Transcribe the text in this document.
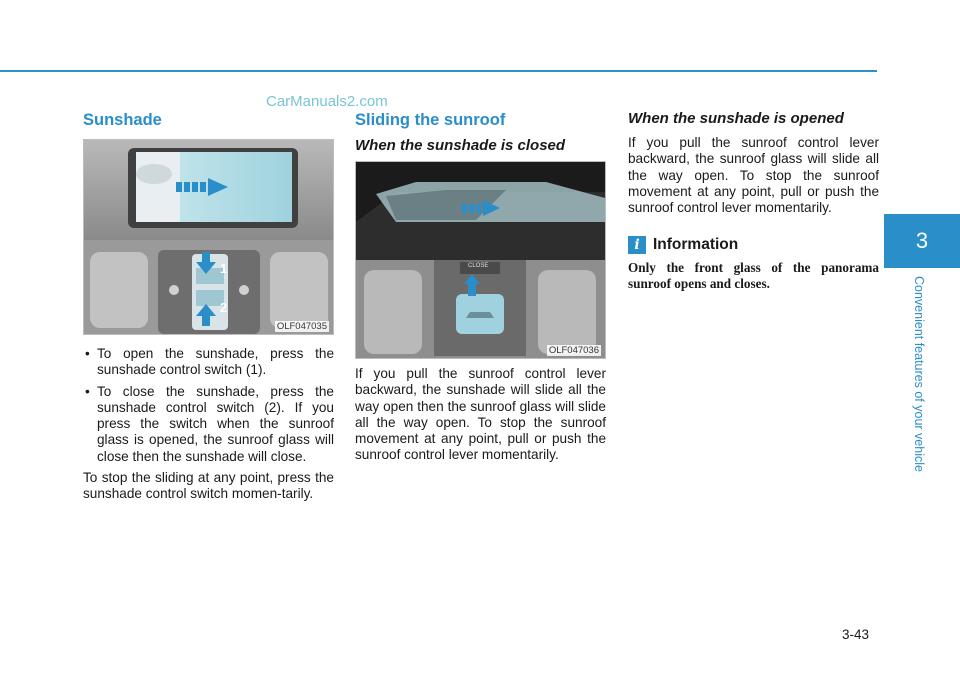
CarManuals2.com
3
Convenient features of your vehicle
Sunshade
1
2
OLF047035
• To open the sunshade, press the sunshade control switch (1).
• To close the sunshade, press the sunshade control switch (2). If you press the switch when the sunroof glass is opened, the sunroof glass will close then the sunshade will close.

To stop the sliding at any point, press the sunshade control switch momen-tarily.

Sliding the sunroof
When the sunshade is closed
CLOSE
OLF047036

If you pull the sunroof control lever backward, the sunshade will slide all the way open then the sunroof glass will slide all the way open. To stop the sunroof movement at any point, pull or push the sunroof control lever momentarily.

When the sunshade is opened

If you pull the sunroof control lever backward, the sunroof glass will slide all the way open. To stop the sunroof movement at any point, pull or push the sunroof control lever momentarily.

i Information
Only the front glass of the panorama sunroof opens and closes.
3-43
